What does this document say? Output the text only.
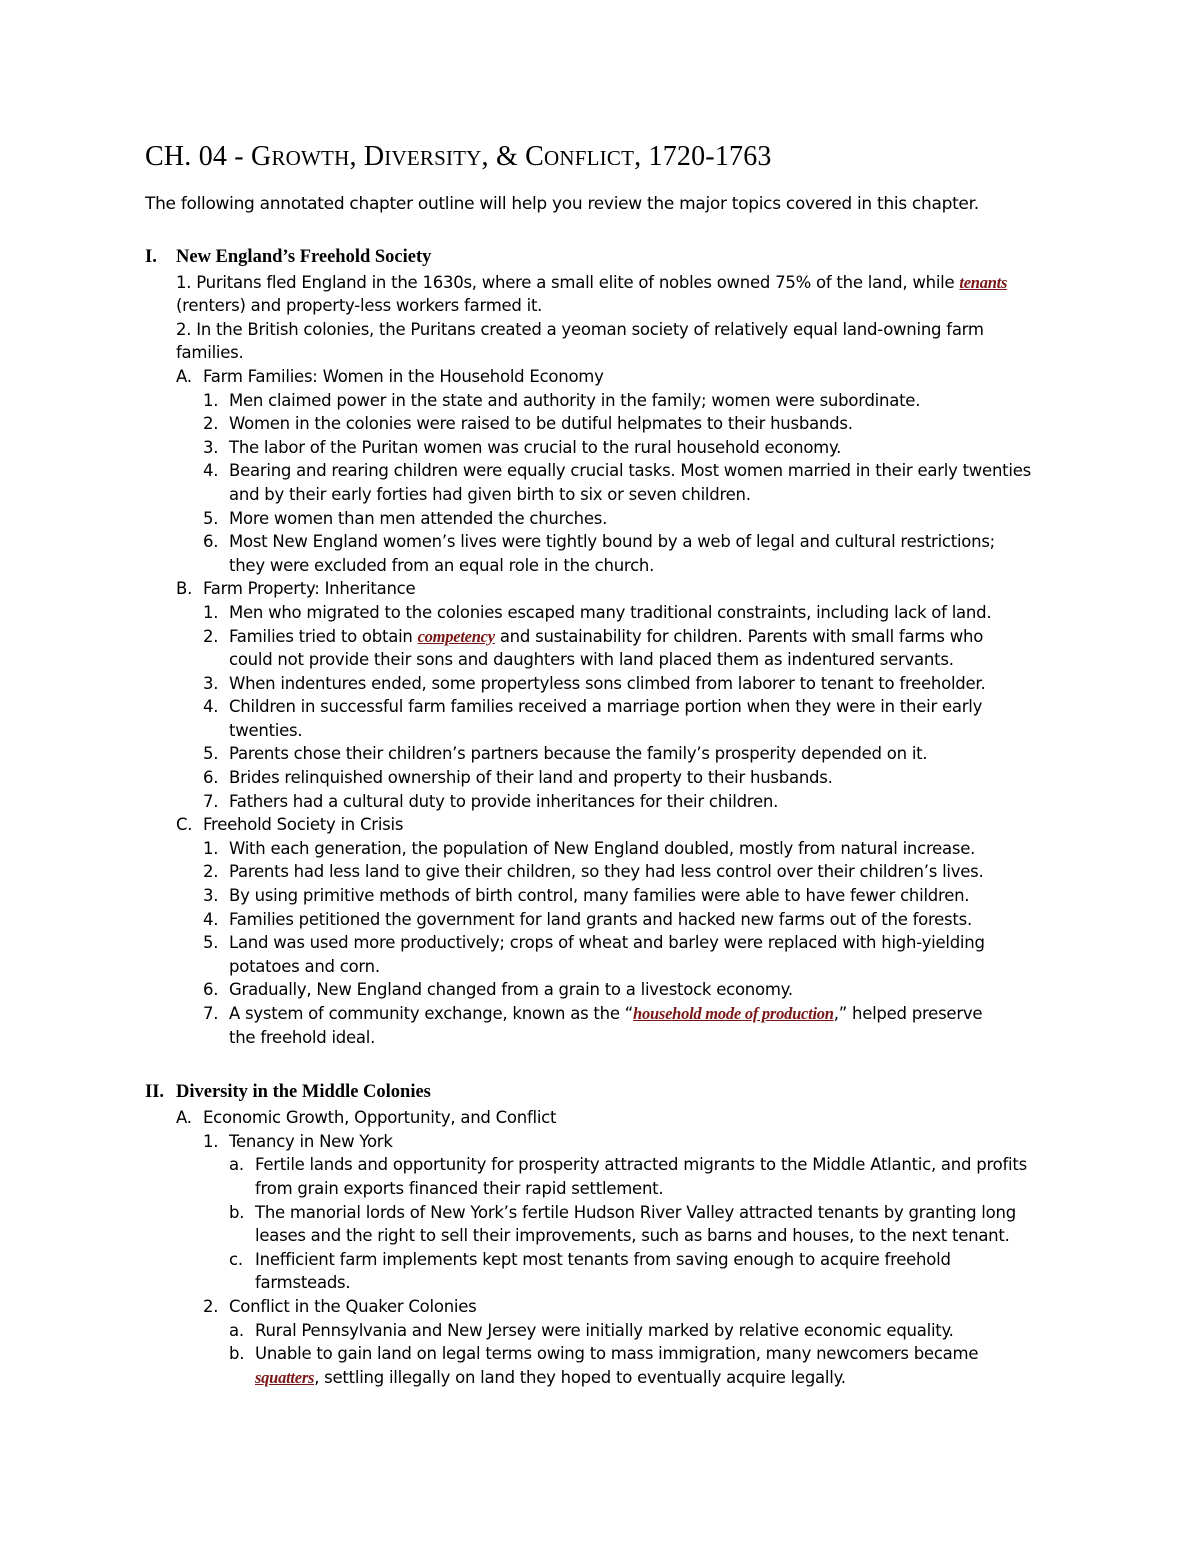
CH. 04 - GROWTH, DIVERSITY, & CONFLICT, 1720-1763
The following annotated chapter outline will help you review the major topics covered in this chapter.
I.	New England’s Freehold Society
1. Puritans fled England in the 1630s, where a small elite of nobles owned 75% of the land, while tenants
(renters) and property-less workers farmed it.
2. In the British colonies, the Puritans created a yeoman society of relatively equal land-owning farm
families.
A. Farm Families: Women in the Household Economy
1. Men claimed power in the state and authority in the family; women were subordinate.
2. Women in the colonies were raised to be dutiful helpmates to their husbands.
3. The labor of the Puritan women was crucial to the rural household economy.
4. Bearing and rearing children were equally crucial tasks. Most women married in their early twenties
and by their early forties had given birth to six or seven children.
5. More women than men attended the churches.
6. Most New England women’s lives were tightly bound by a web of legal and cultural restrictions;
they were excluded from an equal role in the church.
B. Farm Property: Inheritance
1. Men who migrated to the colonies escaped many traditional constraints, including lack of land.
2. Families tried to obtain competency and sustainability for children. Parents with small farms who
could not provide their sons and daughters with land placed them as indentured servants.
3. When indentures ended, some propertyless sons climbed from laborer to tenant to freeholder.
4. Children in successful farm families received a marriage portion when they were in their early
twenties.
5. Parents chose their children’s partners because the family’s prosperity depended on it.
6. Brides relinquished ownership of their land and property to their husbands.
7. Fathers had a cultural duty to provide inheritances for their children.
C. Freehold Society in Crisis
1. With each generation, the population of New England doubled, mostly from natural increase.
2. Parents had less land to give their children, so they had less control over their children’s lives.
3. By using primitive methods of birth control, many families were able to have fewer children.
4. Families petitioned the government for land grants and hacked new farms out of the forests.
5. Land was used more productively; crops of wheat and barley were replaced with high-yielding
potatoes and corn.
6. Gradually, New England changed from a grain to a livestock economy.
7. A system of community exchange, known as the “household mode of production,” helped preserve
the freehold ideal.
II. Diversity in the Middle Colonies
A. Economic Growth, Opportunity, and Conflict
1. Tenancy in New York
a. Fertile lands and opportunity for prosperity attracted migrants to the Middle Atlantic, and profits
from grain exports financed their rapid settlement.
b. The manorial lords of New York’s fertile Hudson River Valley attracted tenants by granting long
leases and the right to sell their improvements, such as barns and houses, to the next tenant.
c. Inefficient farm implements kept most tenants from saving enough to acquire freehold
farmsteads.
2. Conflict in the Quaker Colonies
a. Rural Pennsylvania and New Jersey were initially marked by relative economic equality.
b. Unable to gain land on legal terms owing to mass immigration, many newcomers became
squatters, settling illegally on land they hoped to eventually acquire legally.
